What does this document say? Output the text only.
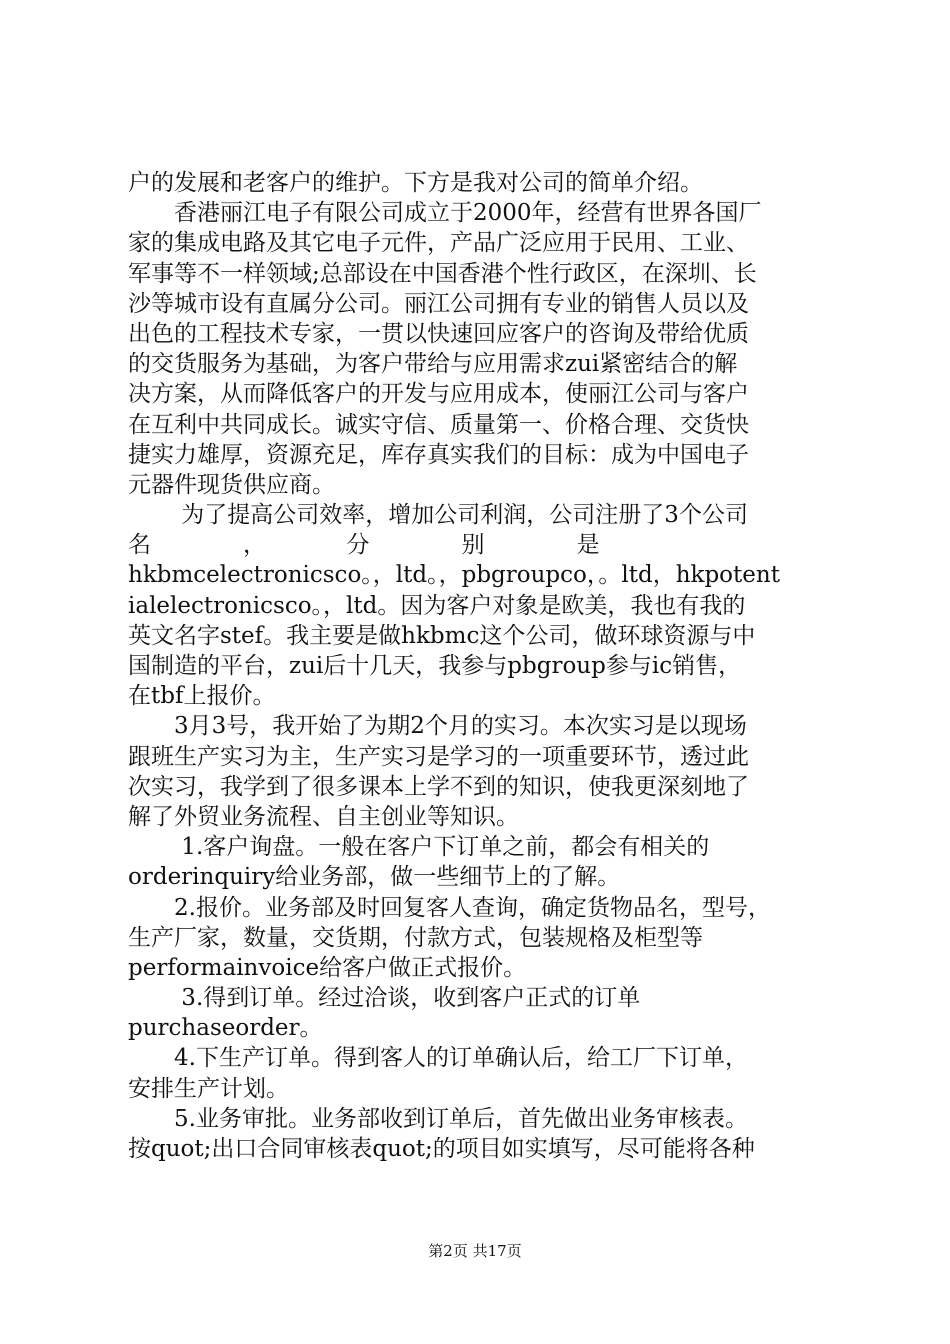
户的发展和老客户的维护。下方是我对公司的简单介绍。
　　香港丽江电子有限公司成立于2000年，经营有世界各国厂
家的集成电路及其它电子元件，产品广泛应用于民用、工业、
军事等不一样领域;总部设在中国香港个性行政区，在深圳、长
沙等城市设有直属分公司。丽江公司拥有专业的销售人员以及
出色的工程技术专家，一贯以快速回应客户的咨询及带给优质
的交货服务为基础，为客户带给与应用需求zui紧密结合的解
决方案，从而降低客户的开发与应用成本，使丽江公司与客户
在互利中共同成长。诚实守信、质量第一、价格合理、交货快
捷实力雄厚，资源充足，库存真实我们的目标：成为中国电子
元器件现货供应商。
　　 为了提高公司效率，增加公司利润，公司注册了3个公司
名　　　　，　　　　分　　　　别　　　　是
hkbmcelectronicsco。，ltd。，pbgroupco，。ltd，hkpotent
ialelectronicsco。，ltd。因为客户对象是欧美，我也有我的
英文名字stef。我主要是做hkbmc这个公司，做环球资源与中
国制造的平台，zui后十几天，我参与pbgroup参与ic销售，
在tbf上报价。
　　3月3号，我开始了为期2个月的实习。本次实习是以现场
跟班生产实习为主，生产实习是学习的一项重要环节，透过此
次实习，我学到了很多课本上学不到的知识，使我更深刻地了
解了外贸业务流程、自主创业等知识。
　　 1.客户询盘。一般在客户下订单之前，都会有相关的
orderinquiry给业务部，做一些细节上的了解。
　　2.报价。业务部及时回复客人查询，确定货物品名，型号，
生产厂家，数量，交货期，付款方式，包装规格及柜型等
performainvoice给客户做正式报价。
　　 3.得到订单。经过洽谈，收到客户正式的订单
purchaseorder。
　　4.下生产订单。得到客人的订单确认后，给工厂下订单，
安排生产计划。
　　5.业务审批。业务部收到订单后，首先做出业务审核表。
按quot;出口合同审核表quot;的项目如实填写，尽可能将各种
第2页 共17页
